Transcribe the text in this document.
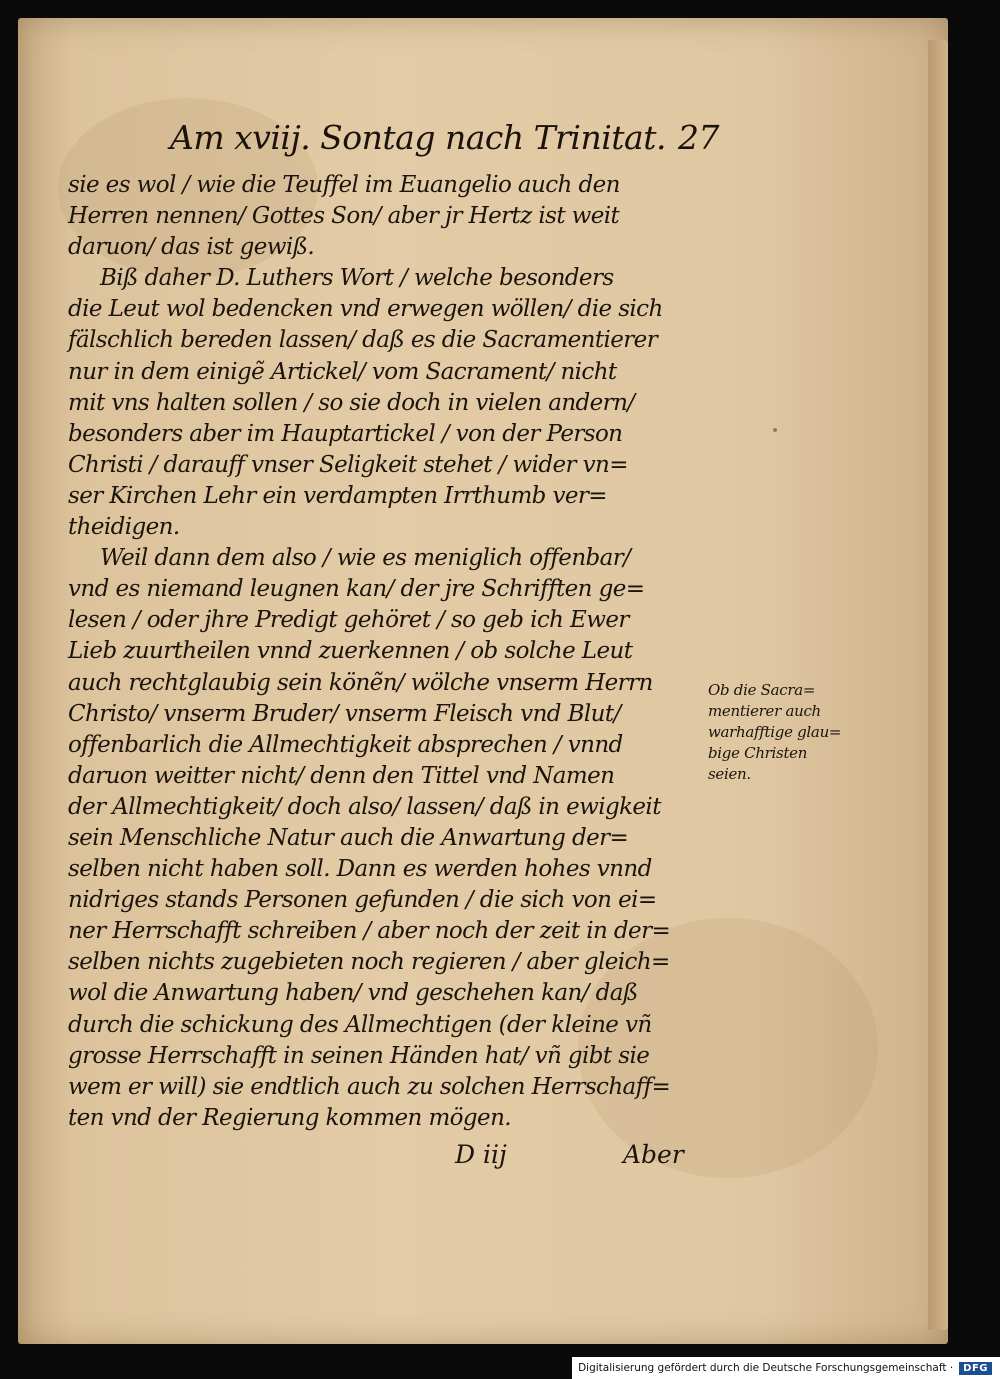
Am xviij. Sontag nach Trinitat. 27
sie es wol / wie die Teuffel im Euangelio auch den
Herren nennen/ Gottes Son/ aber jr Hertz ist weit
daruon/ das ist gewiß.
Biß daher D. Luthers Wort / welche besonders
die Leut wol bedencken vnd erwegen wöllen/ die sich
fälschlich bereden lassen/ daß es die Sacramentierer
nur in dem einigẽ Artickel/ vom Sacrament/ nicht
mit vns halten sollen / so sie doch in vielen andern/
besonders aber im Hauptartickel / von der Person
Christi / darauff vnser Seligkeit stehet / wider vn=
ser Kirchen Lehr ein verdampten Irrthumb ver=
theidigen.
Weil dann dem also / wie es meniglich offenbar/
vnd es niemand leugnen kan/ der jre Schrifften ge=
lesen / oder jhre Predigt gehöret / so geb ich Ewer
Lieb zuurtheilen vnnd zuerkennen / ob solche Leut
auch rechtglaubig sein könẽn/ wölche vnserm Herrn
Christo/ vnserm Bruder/ vnserm Fleisch vnd Blut/
offenbarlich die Allmechtigkeit absprechen / vnnd
daruon weitter nicht/ denn den Tittel vnd Namen
der Allmechtigkeit/ doch also/ lassen/ daß in ewigkeit
sein Menschliche Natur auch die Anwartung der=
selben nicht haben soll. Dann es werden hohes vnnd
nidriges stands Personen gefunden / die sich von ei=
ner Herrschafft schreiben / aber noch der zeit in der=
selben nichts zugebieten noch regieren / aber gleich=
wol die Anwartung haben/ vnd geschehen kan/ daß
durch die schickung des Allmechtigen (der kleine vñ
grosse Herrschafft in seinen Händen hat/ vñ gibt sie
wem er will) sie endtlich auch zu solchen Herrschaff=
ten vnd der Regierung kommen mögen.
Ob die Sacra=
mentierer auch
warhafftige glau=
bige Christen
seien.
D iij	Aber
Digitalisierung gefördert durch die Deutsche Forschungsgemeinschaft ·	DFG
